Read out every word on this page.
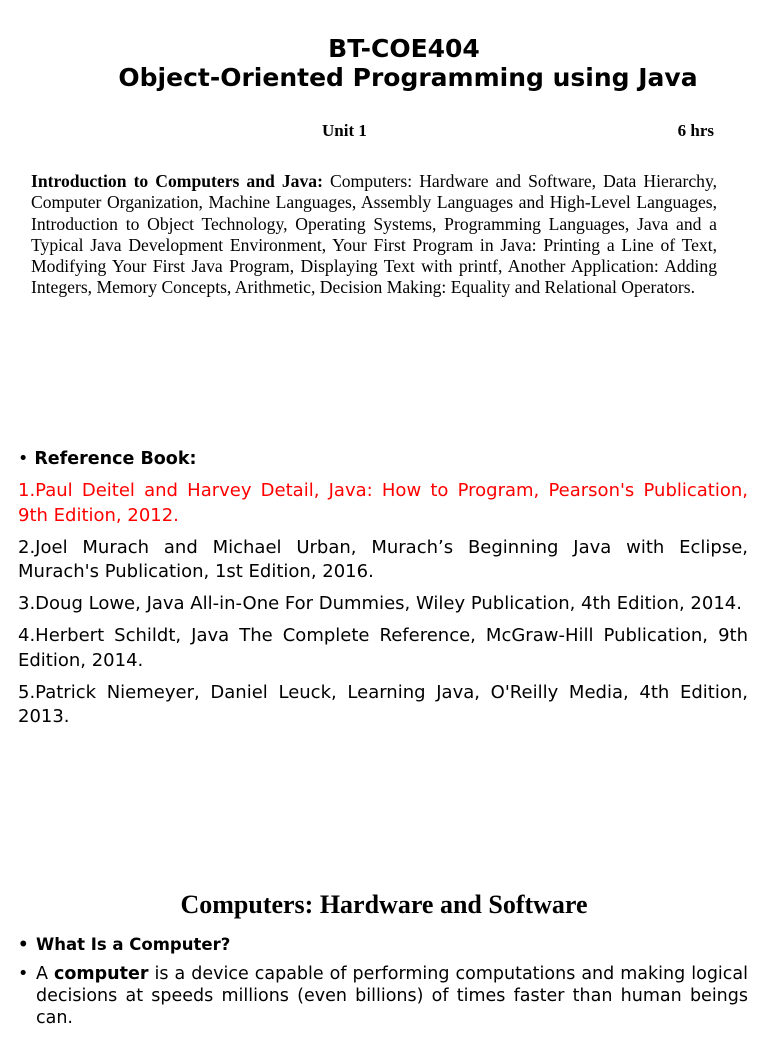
BT-COE404
Object-Oriented Programming using Java
Unit 1	6 hrs

Introduction to Computers and Java: Computers: Hardware and Software, Data Hierarchy, Computer Organization, Machine Languages, Assembly Languages and High-Level Languages, Introduction to Object Technology, Operating Systems, Programming Languages, Java and a Typical Java Development Environment, Your First Program in Java: Printing a Line of Text, Modifying Your First Java Program, Displaying Text with printf, Another Application: Adding Integers, Memory Concepts, Arithmetic, Decision Making: Equality and Relational Operators.

• Reference Book:
1.Paul Deitel and Harvey Detail, Java: How to Program, Pearson's Publication, 9th Edition, 2012.
2.Joel Murach and Michael Urban, Murach’s Beginning Java with Eclipse, Murach's Publication, 1st Edition, 2016.
3.Doug Lowe, Java All-in-One For Dummies, Wiley Publication, 4th Edition, 2014.
4.Herbert Schildt, Java The Complete Reference, McGraw-Hill Publication, 9th Edition, 2014.
5.Patrick Niemeyer, Daniel Leuck, Learning Java, O'Reilly Media, 4th Edition, 2013.
Computers: Hardware and Software
• What Is a Computer?
• A computer is a device capable of performing computations and making logical decisions at speeds millions (even billions) of times faster than human beings can.
